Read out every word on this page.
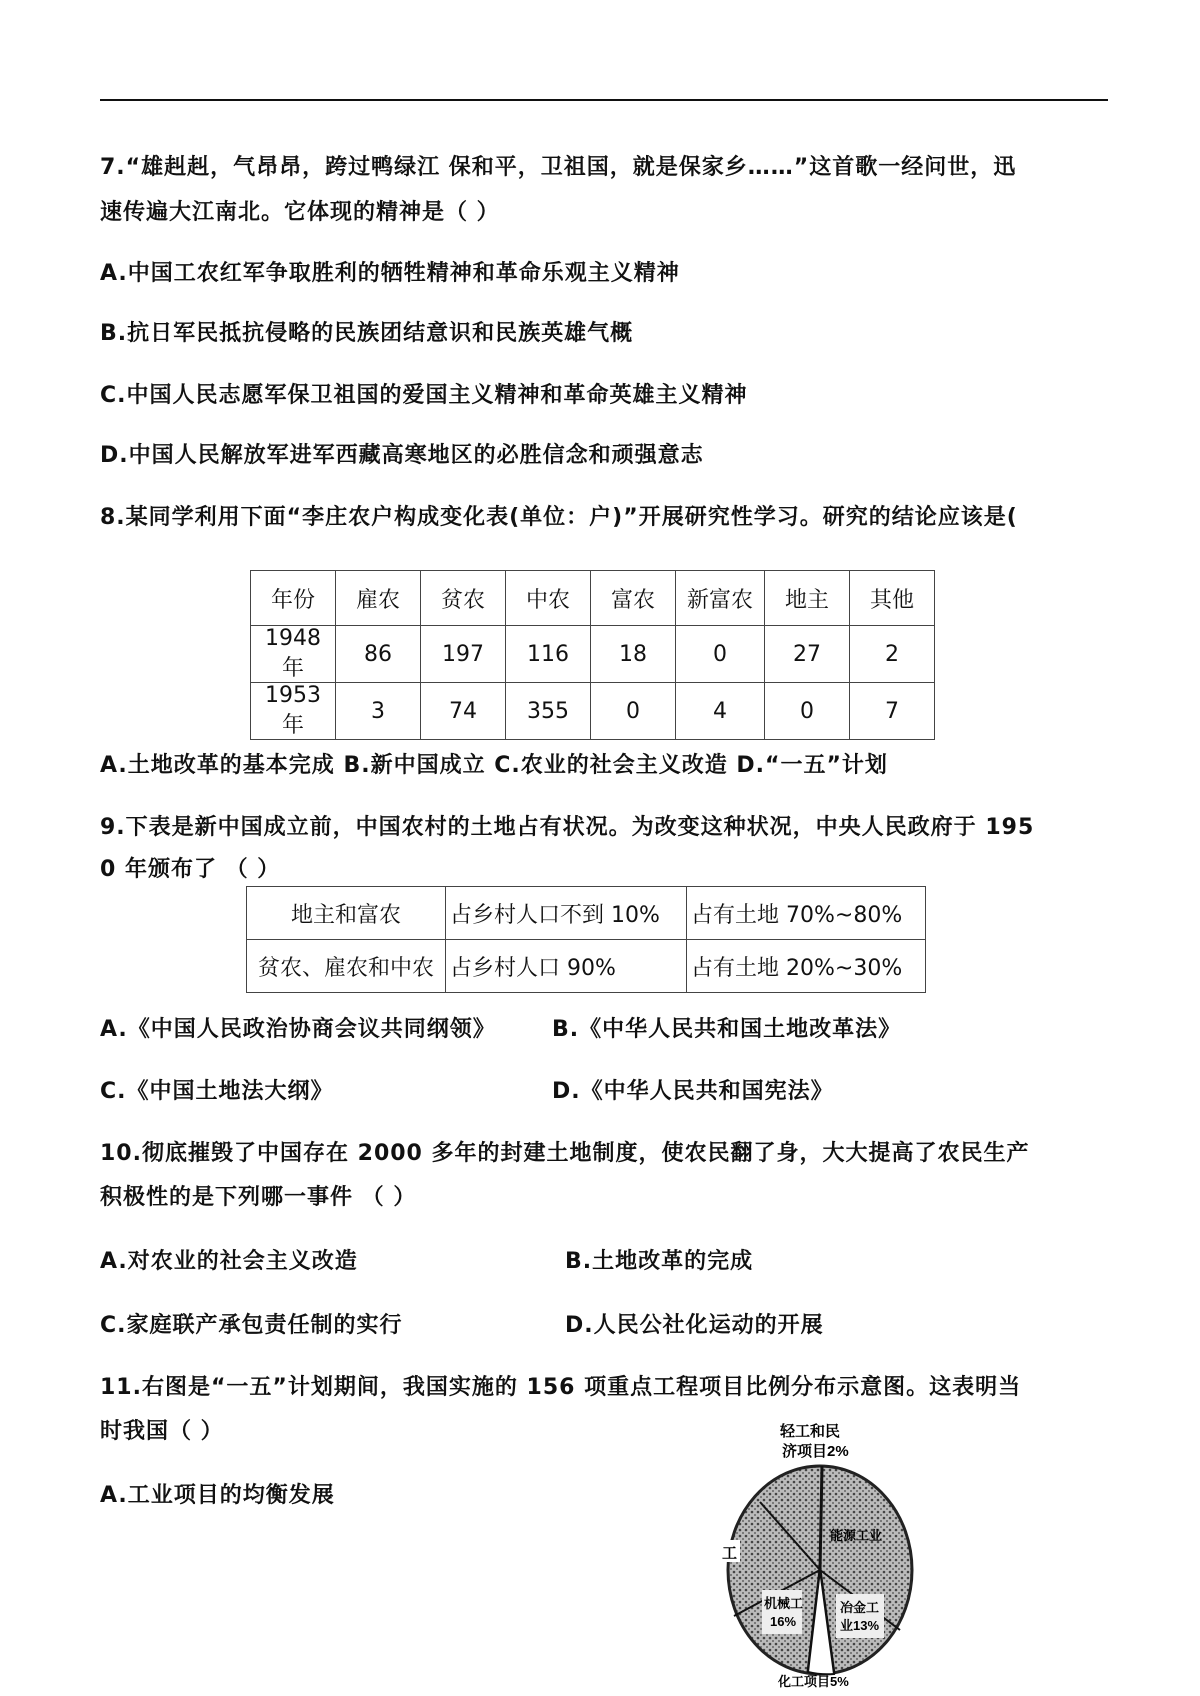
7.“雄赳赳，气昂昂，跨过鸭绿江 保和平，卫祖国，就是保家乡……”这首歌一经问世，迅
速传遍大江南北。它体现的精神是（ ）
A.中国工农红军争取胜利的牺牲精神和革命乐观主义精神
B.抗日军民抵抗侵略的民族团结意识和民族英雄气概
C.中国人民志愿军保卫祖国的爱国主义精神和革命英雄主义精神
D.中国人民解放军进军西藏高寒地区的必胜信念和顽强意志
8.某同学利用下面“李庄农户构成变化表(单位：户)”开展研究性学习。研究的结论应该是(
年份	雇农	贫农	中农	富农	新富农	地主	其他
1948 年	86	197	116	18	0	27	2
1953 年	3	74	355	0	4	0	7
A.土地改革的基本完成 B.新中国成立 C.农业的社会主义改造 D.“一五”计划
9.下表是新中国成立前，中国农村的土地占有状况。为改变这种状况，中央人民政府于 195
0 年颁布了 （ ）
地主和富农	占乡村人口不到 10%	占有土地 70%~80%
贫农、雇农和中农	占乡村人口 90%	占有土地 20%~30%
A.《中国人民政治协商会议共同纲领》	B.《中华人民共和国土地改革法》
C.《中国土地法大纲》	D.《中华人民共和国宪法》
10.彻底摧毁了中国存在 2000 多年的封建土地制度，使农民翻了身，大大提高了农民生产
积极性的是下列哪一事件 （ ）
A.对农业的社会主义改造	B.土地改革的完成
C.家庭联产承包责任制的实行	D.人民公社化运动的开展
11.右图是“一五”计划期间，我国实施的 156 项重点工程项目比例分布示意图。这表明当
时我国（ ）
A.工业项目的均衡发展
轻工和民
济项目2%
工
能源工业
机械工
16%
冶金工
业13%
化工项目5%
